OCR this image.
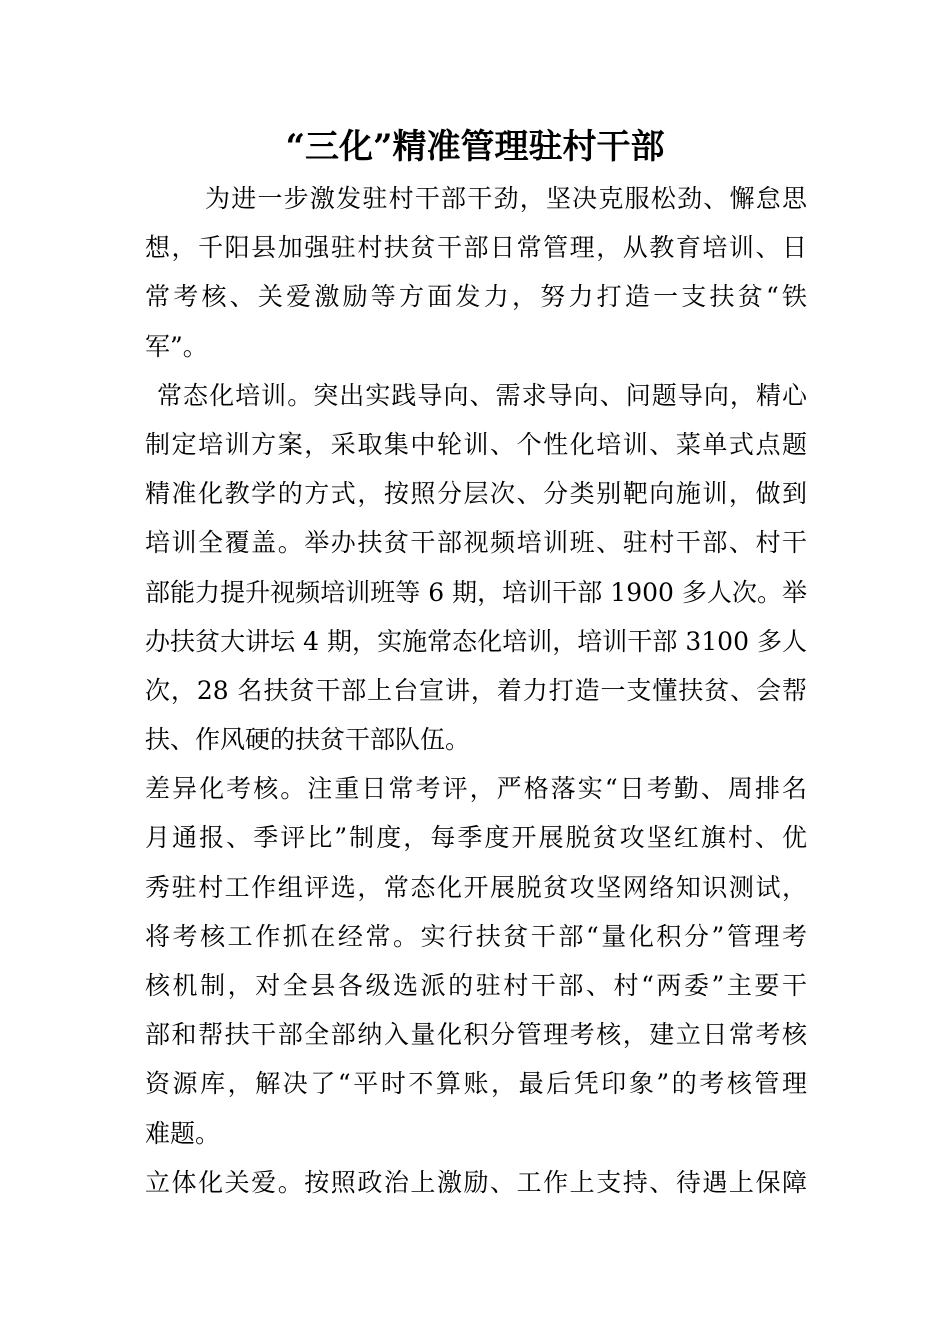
“三化”精准管理驻村干部
为进一步激发驻村干部干劲，坚决克服松劲、懈怠思
想，千阳县加强驻村扶贫干部日常管理，从教育培训、日
常考核、关爱激励等方面发力，努力打造一支扶贫“铁
军”。
常态化培训。突出实践导向、需求导向、问题导向，精心
制定培训方案，采取集中轮训、个性化培训、菜单式点题
精准化教学的方式，按照分层次、分类别靶向施训，做到
培训全覆盖。举办扶贫干部视频培训班、驻村干部、村干
部能力提升视频培训班等 6 期，培训干部 1900 多人次。举
办扶贫大讲坛 4 期，实施常态化培训，培训干部 3100 多人
次，28 名扶贫干部上台宣讲，着力打造一支懂扶贫、会帮
扶、作风硬的扶贫干部队伍。
差异化考核。注重日常考评，严格落实“日考勤、周排名
月通报、季评比”制度，每季度开展脱贫攻坚红旗村、优
秀驻村工作组评选，常态化开展脱贫攻坚网络知识测试，
将考核工作抓在经常。实行扶贫干部“量化积分”管理考
核机制，对全县各级选派的驻村干部、村“两委”主要干
部和帮扶干部全部纳入量化积分管理考核，建立日常考核
资源库，解决了“平时不算账，最后凭印象”的考核管理
难题。
立体化关爱。按照政治上激励、工作上支持、待遇上保障
